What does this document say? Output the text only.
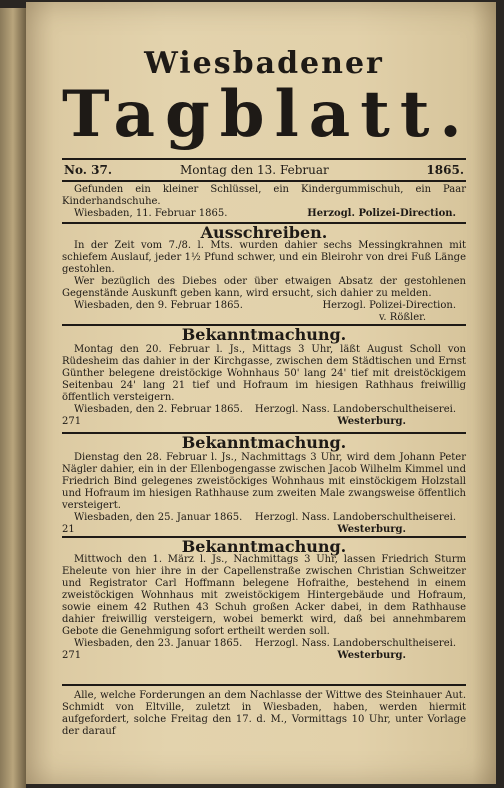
Wiesbadener
Tagblatt.
No. 37.	Montag den 13. Februar	1865.

Gefunden ein kleiner Schlüssel, ein Kindergummischuh, ein Paar Kinderhandschuhe.

Wiesbaden, 11. Februar 1865.	Herzogl. Polizei-Direction.
Ausschreiben.

In der Zeit vom 7./8. l. Mts. wurden dahier sechs Messingkrahnen mit schiefem Auslauf, jeder 1½ Pfund schwer, und ein Bleirohr von drei Fuß Länge gestohlen.

Wer bezüglich des Diebes oder über etwaigen Absatz der gestohlenen Gegenstände Auskunft geben kann, wird ersucht, sich dahier zu melden.

Wiesbaden, den 9. Februar 1865.	Herzogl. Polizei-Direction.
v. Rößler.
Bekanntmachung.

Montag den 20. Februar l. Js., Mittags 3 Uhr, läßt August Scholl von Rüdesheim das dahier in der Kirchgasse, zwischen dem Städtischen und Ernst Günther belegene dreistöckige Wohnhaus 50' lang 24' tief mit dreistöckigem Seitenbau 24' lang 21 tief und Hofraum im hiesigen Rathhaus freiwillig öffentlich versteigern.

Wiesbaden, den 2. Februar 1865. Herzogl. Nass. Landoberschultheiserei.
271	Westerburg.
Bekanntmachung.

Dienstag den 28. Februar l. Js., Nachmittags 3 Uhr, wird dem Johann Peter Nägler dahier, ein in der Ellenbogengasse zwischen Jacob Wilhelm Kimmel und Friedrich Bind gelegenes zweistöckiges Wohnhaus mit einstöckigem Holzstall und Hofraum im hiesigen Rathhause zum zweiten Male zwangsweise öffentlich versteigert.

Wiesbaden, den 25. Januar 1865. Herzogl. Nass. Landoberschultheiserei.
21	Westerburg.
Bekanntmachung.

Mittwoch den 1. März l. Js., Nachmittags 3 Uhr, lassen Friedrich Sturm Eheleute von hier ihre in der Capellenstraße zwischen Christian Schweitzer und Registrator Carl Hoffmann belegene Hofraithe, bestehend in einem zweistöckigen Wohnhaus mit zweistöckigem Hintergebäude und Hofraum, sowie einem 42 Ruthen 43 Schuh großen Acker dabei, in dem Rathhause dahier freiwillig versteigern, wobei bemerkt wird, daß bei annehmbarem Gebote die Genehmigung sofort ertheilt werden soll.

Wiesbaden, den 23. Januar 1865. Herzogl. Nass. Landoberschultheiserei.
271	Westerburg.

Alle, welche Forderungen an dem Nachlasse der Wittwe des Steinhauer Aut. Schmidt von Eltville, zuletzt in Wiesbaden, haben, werden hiermit aufgefordert, solche Freitag den 17. d. M., Vormittags 10 Uhr, unter Vorlage der darauf
